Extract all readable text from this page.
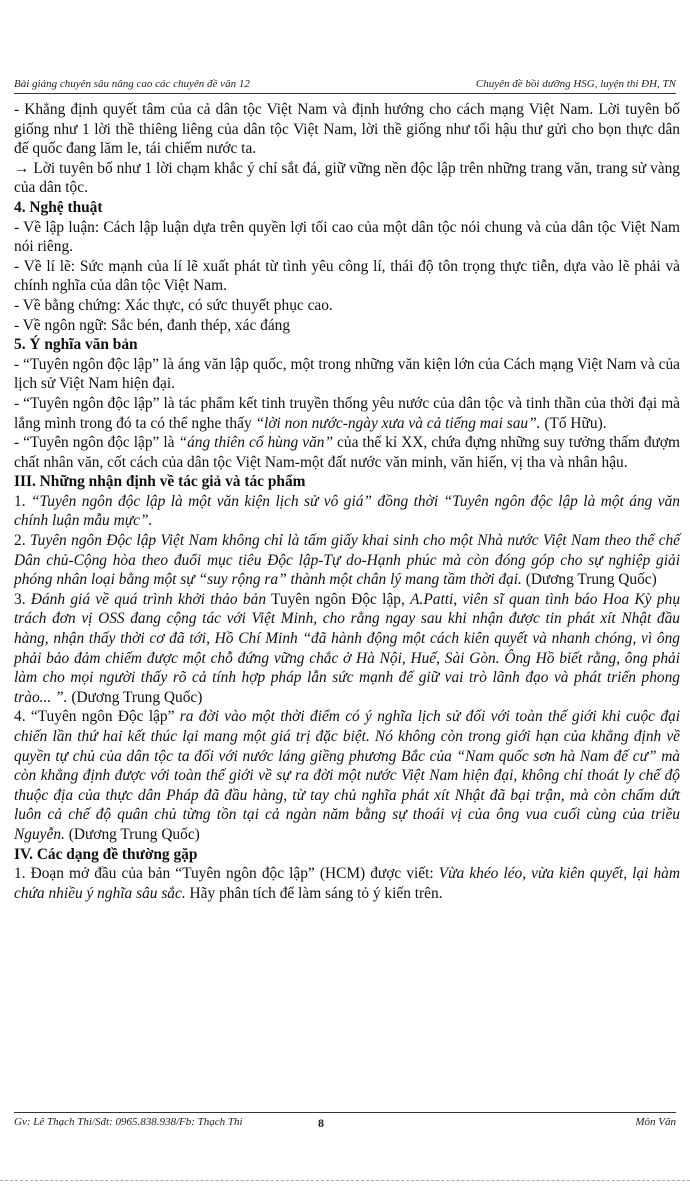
Bài giảng chuyên sâu nâng cao các chuyên đề văn 12	Chuyên đề bồi dưỡng HSG, luyện thi ĐH, TN

- Khẳng định quyết tâm của cả dân tộc Việt Nam và định hướng cho cách mạng Việt Nam. Lời tuyên bố giống như 1 lời thề thiêng liêng của dân tộc Việt Nam, lời thề giống như tối hậu thư gửi cho bọn thực dân đế quốc đang lăm le, tái chiếm nước ta.

→ Lời tuyên bố như 1 lời chạm khắc ý chí sắt đá, giữ vững nền độc lập trên những trang văn, trang sử vàng của dân tộc.

4. Nghệ thuật

- Về lập luận: Cách lập luận dựa trên quyền lợi tối cao của một dân tộc nói chung và của dân tộc Việt Nam nói riêng.

- Về lí lẽ: Sức mạnh của lí lẽ xuất phát từ tình yêu công lí, thái độ tôn trọng thực tiễn, dựa vào lẽ phải và chính nghĩa của dân tộc Việt Nam.

- Về bằng chứng: Xác thực, có sức thuyết phục cao.

- Về ngôn ngữ: Sắc bén, đanh thép, xác đáng

5. Ý nghĩa văn bản

- “Tuyên ngôn độc lập” là áng văn lập quốc, một trong những văn kiện lớn của Cách mạng Việt Nam và của lịch sử Việt Nam hiện đại.

- “Tuyên ngôn độc lập” là tác phẩm kết tinh truyền thống yêu nước của dân tộc và tinh thần của thời đại mà lắng mình trong đó ta có thể nghe thấy “lời non nước-ngày xưa và cả tiếng mai sau”. (Tố Hữu).

- “Tuyên ngôn độc lập” là “áng thiên cổ hùng văn” của thế kỉ XX, chứa đựng những suy tưởng thấm đượm chất nhân văn, cốt cách của dân tộc Việt Nam-một đất nước văn minh, văn hiến, vị tha và nhân hậu.

III. Những nhận định về tác giả và tác phẩm

1. “Tuyên ngôn độc lập là một văn kiện lịch sử vô giá” đồng thời “Tuyên ngôn độc lập là một áng văn chính luận mẫu mực”.

2. Tuyên ngôn Độc lập Việt Nam không chỉ là tấm giấy khai sinh cho một Nhà nước Việt Nam theo thể chế Dân chủ-Cộng hòa theo đuổi mục tiêu Độc lập-Tự do-Hạnh phúc mà còn đóng góp cho sự nghiệp giải phóng nhân loại bằng một sự “suy rộng ra” thành một chân lý mang tầm thời đại. (Dương Trung Quốc)

3. Đánh giá về quá trình khởi thảo bản Tuyên ngôn Độc lập, A.Patti, viên sĩ quan tình báo Hoa Kỳ phụ trách đơn vị OSS đang cộng tác với Việt Minh, cho rằng ngay sau khi nhận được tin phát xít Nhật đầu hàng, nhận thấy thời cơ đã tới, Hồ Chí Minh “đã hành động một cách kiên quyết và nhanh chóng, vì ông phải bảo đảm chiếm được một chỗ đứng vững chắc ở Hà Nội, Huế, Sài Gòn. Ông Hồ biết rằng, ông phải làm cho mọi người thấy rõ cả tính hợp pháp lẫn sức mạnh để giữ vai trò lãnh đạo và phát triển phong trào... ”. (Dương Trung Quốc)

4. “Tuyên ngôn Độc lập” ra đời vào một thời điểm có ý nghĩa lịch sử đối với toàn thế giới khi cuộc đại chiến lần thứ hai kết thúc lại mang một giá trị đặc biệt. Nó không còn trong giới hạn của khẳng định về quyền tự chủ của dân tộc ta đối với nước láng giềng phương Bắc của “Nam quốc sơn hà Nam đế cư” mà còn khẳng định được với toàn thế giới về sự ra đời một nước Việt Nam hiện đại, không chỉ thoát ly chế độ thuộc địa của thực dân Pháp đã đầu hàng, từ tay chủ nghĩa phát xít Nhật đã bại trận, mà còn chấm dứt luôn cả chế độ quân chủ từng tồn tại cả ngàn năm bằng sự thoái vị của ông vua cuối cùng của triều Nguyễn. (Dương Trung Quốc)

IV. Các dạng đề thường gặp

1. Đoạn mở đầu của bản “Tuyên ngôn độc lập” (HCM) được viết: Vừa khéo léo, vừa kiên quyết, lại hàm chứa nhiều ý nghĩa sâu sắc. Hãy phân tích để làm sáng tỏ ý kiến trên.

Gv: Lê Thạch Thi/Sđt: 0965.838.938/Fb: Thạch Thi	8	Môn Văn
